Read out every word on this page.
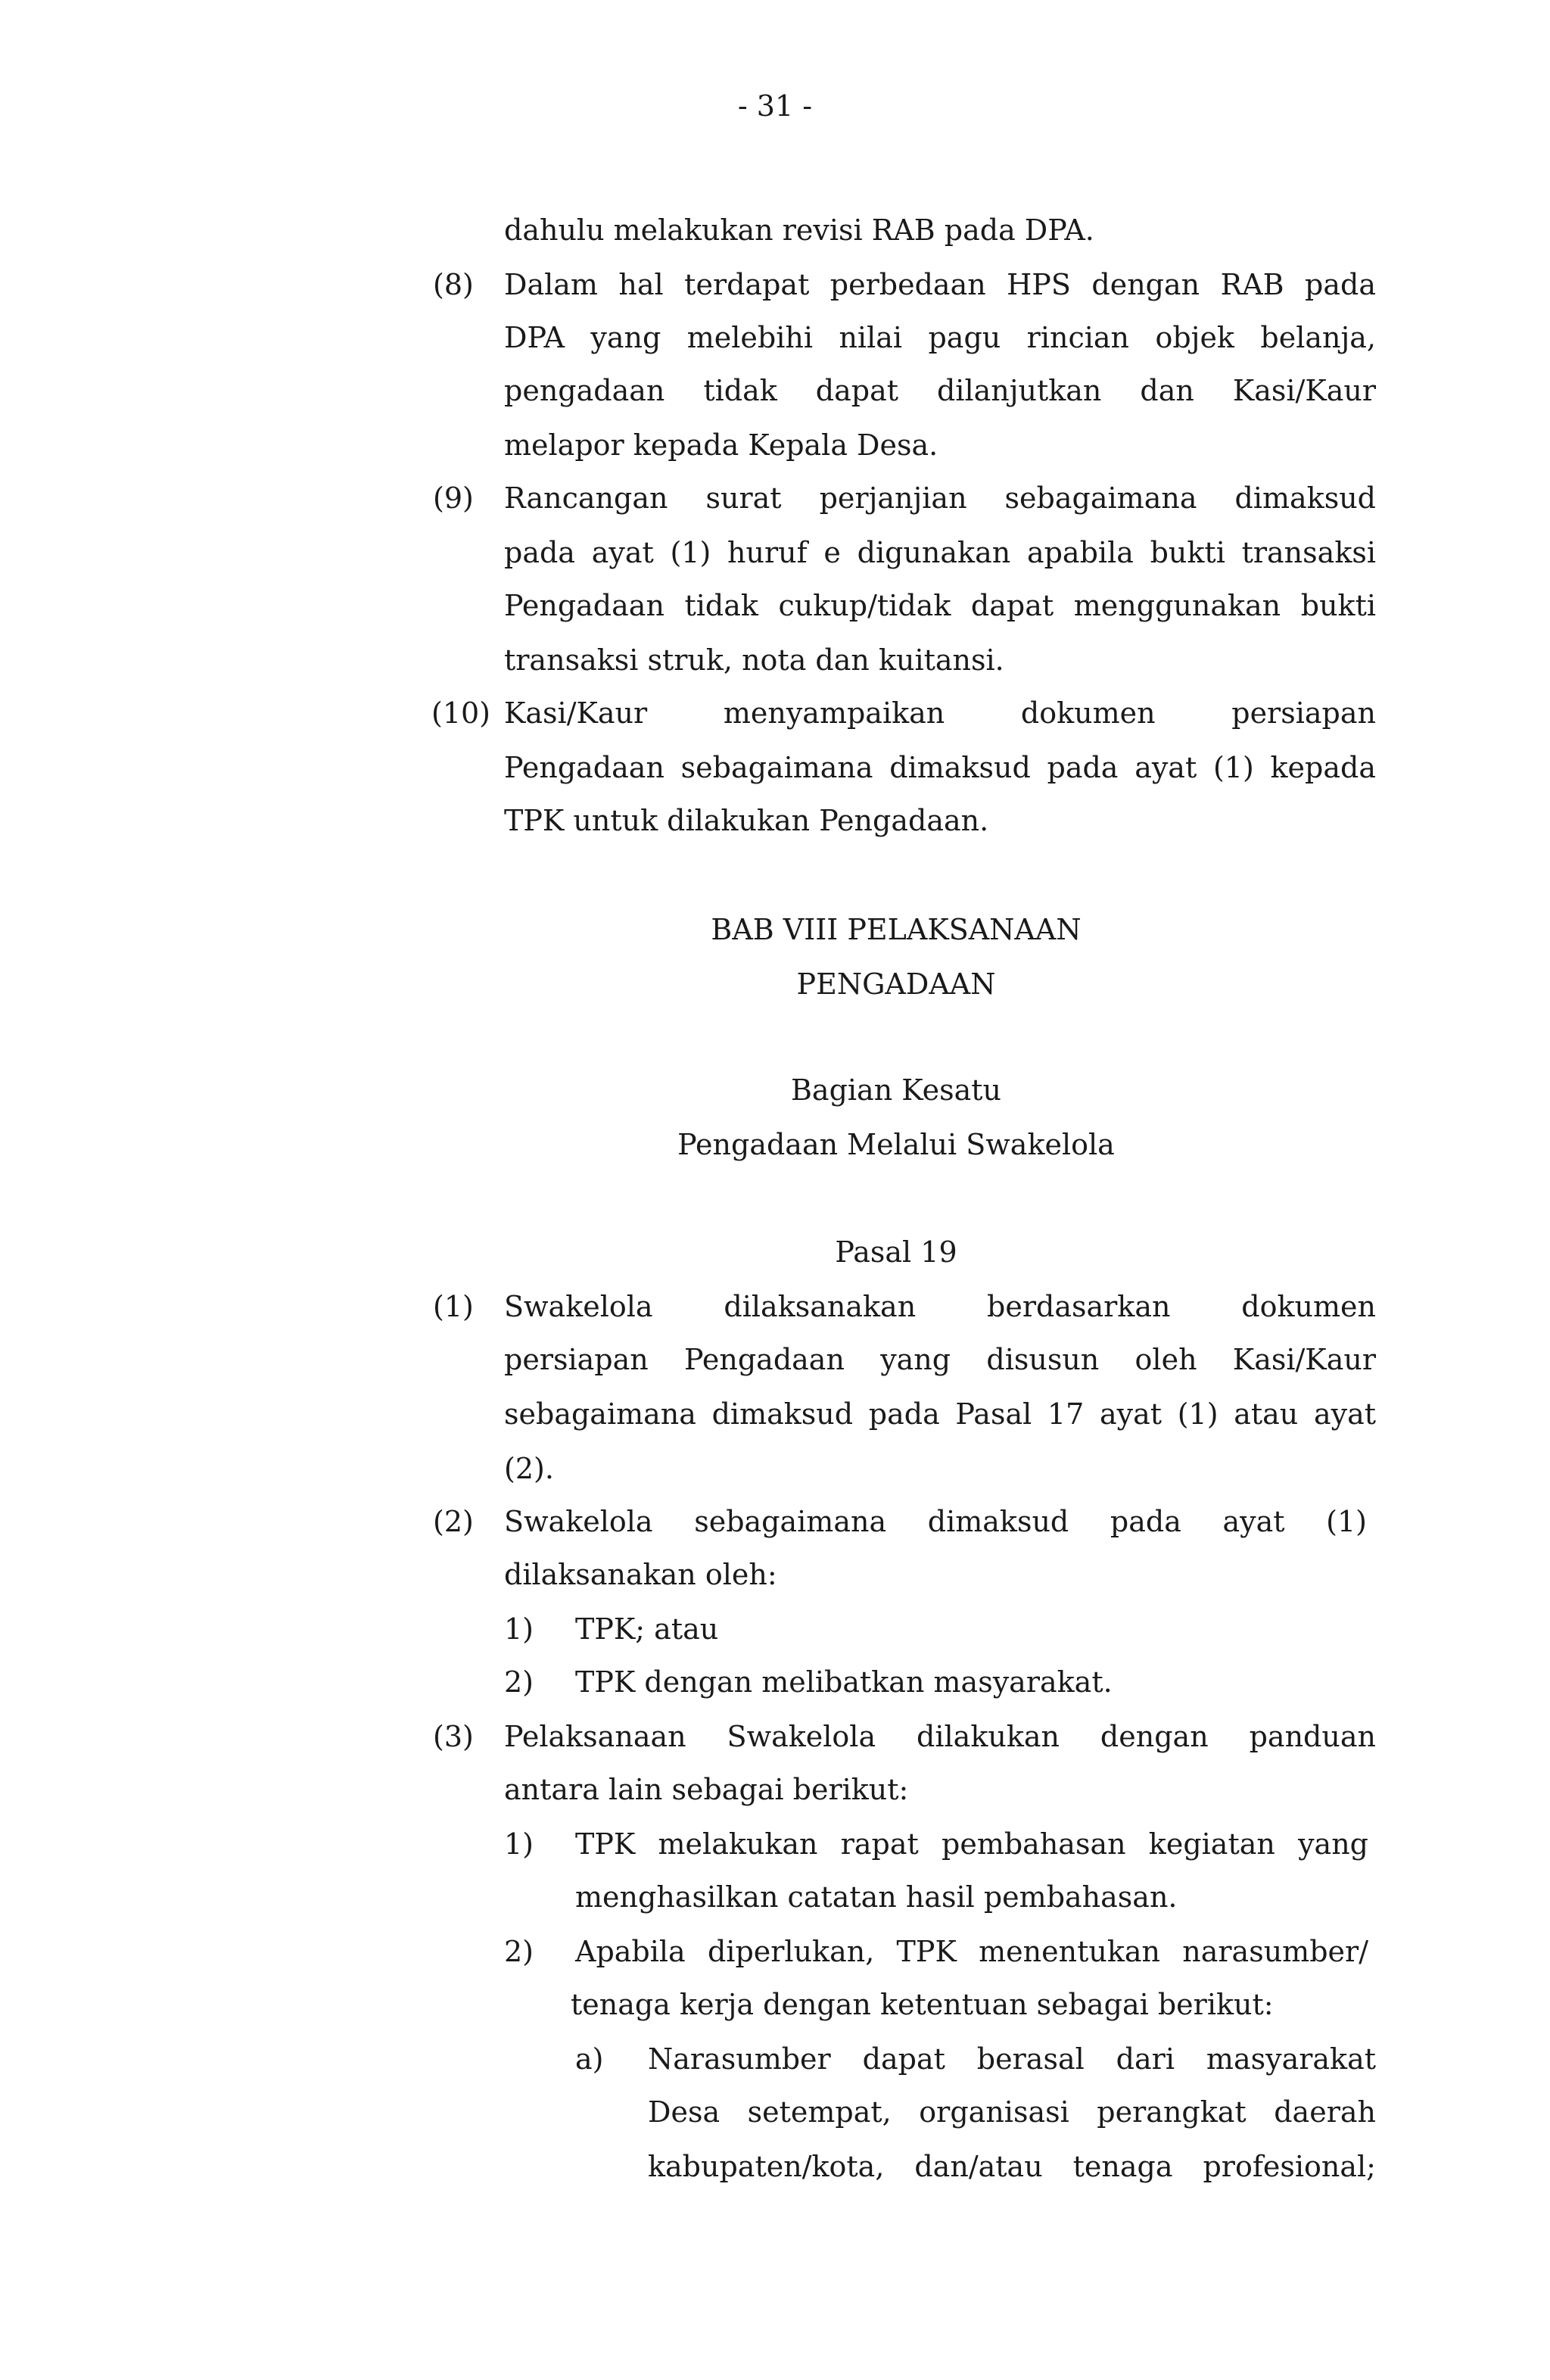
- 31 -
dahulu melakukan revisi RAB pada DPA.
(8) Dalam hal terdapat perbedaan HPS dengan RAB pada
DPA yang melebihi nilai pagu rincian objek belanja,
pengadaan tidak dapat dilanjutkan dan Kasi/Kaur
melapor kepada Kepala Desa.
(9) Rancangan surat perjanjian sebagaimana dimaksud
pada ayat (1) huruf e digunakan apabila bukti transaksi
Pengadaan tidak cukup/tidak dapat menggunakan bukti
transaksi struk, nota dan kuitansi.
(10) Kasi/Kaur menyampaikan dokumen persiapan
Pengadaan sebagaimana dimaksud pada ayat (1) kepada
TPK untuk dilakukan Pengadaan.
BAB VIII PELAKSANAAN
PENGADAAN
Bagian Kesatu
Pengadaan Melalui Swakelola
Pasal 19
(1) Swakelola dilaksanakan berdasarkan dokumen
persiapan Pengadaan yang disusun oleh Kasi/Kaur
sebagaimana dimaksud pada Pasal 17 ayat (1) atau ayat
(2).
(2) Swakelola sebagaimana dimaksud pada ayat (1)
dilaksanakan oleh:
1) TPK; atau
2) TPK dengan melibatkan masyarakat.
(3) Pelaksanaan Swakelola dilakukan dengan panduan
antara lain sebagai berikut:
1) TPK melakukan rapat pembahasan kegiatan yang
menghasilkan catatan hasil pembahasan.
2) Apabila diperlukan, TPK menentukan narasumber/
tenaga kerja dengan ketentuan sebagai berikut:
a) Narasumber dapat berasal dari masyarakat
Desa setempat, organisasi perangkat daerah
kabupaten/kota, dan/atau tenaga profesional;
